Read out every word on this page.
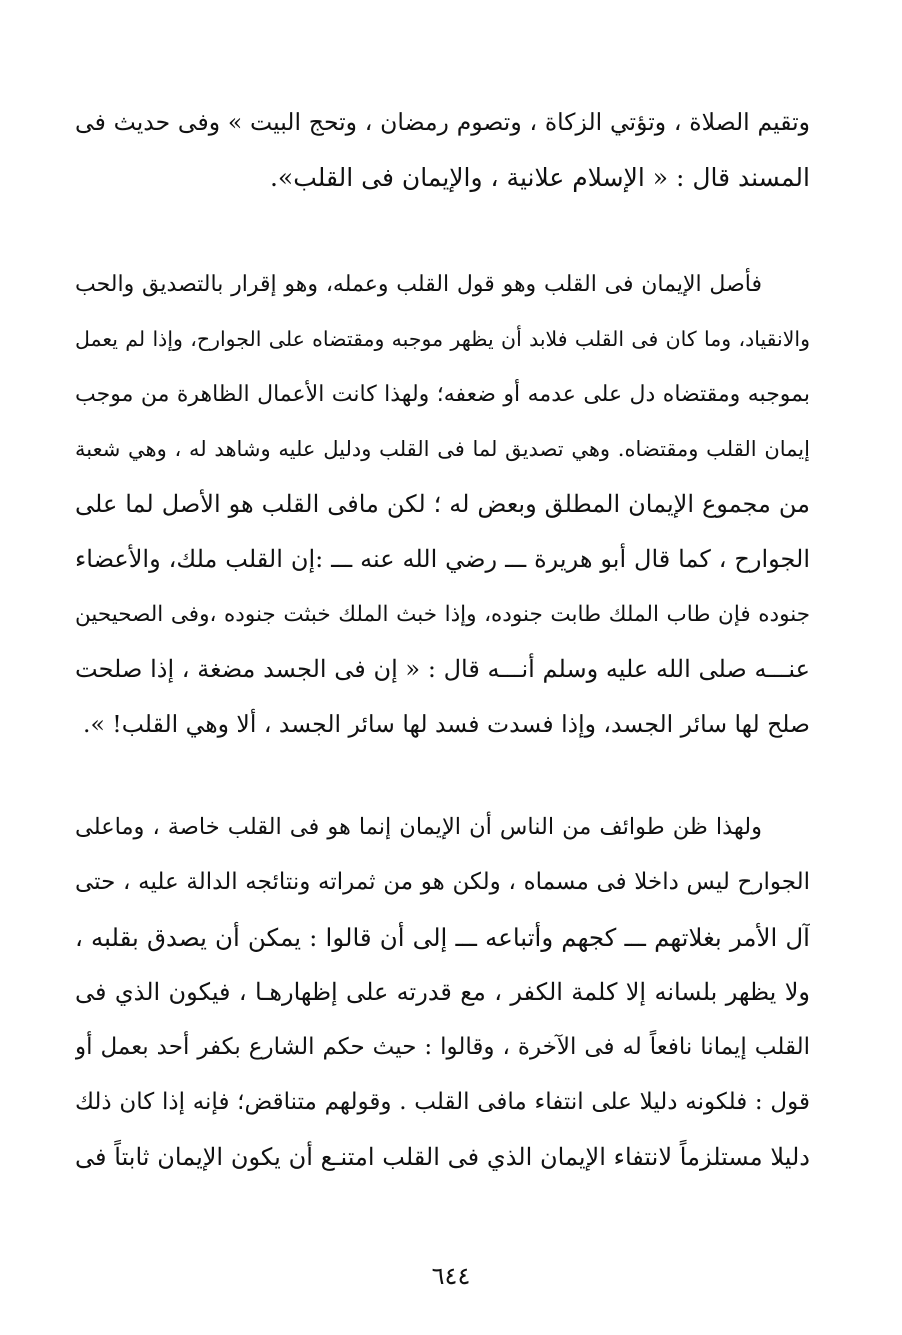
وتقيم الصلاة ، وتؤتي الزكاة ، وتصوم رمضان ، وتحج البيت » وفى حديث فى
المسند قال : « الإسلام علانية ، والإيمان فى القلب».
فأصل الإيمان فى القلب وهو قول القلب وعمله، وهو إقرار بالتصديق والحب
والانقياد، وما كان فى القلب فلابد أن يظهر موجبه ومقتضاه على الجوارح، وإذا لم يعمل
بموجبه ومقتضاه دل على عدمه أو ضعفه؛ ولهذا كانت الأعمال الظاهرة من موجب
إيمان القلب ومقتضاه. وهي تصديق لما فى القلب ودليل عليه وشاهد له ، وهي شعبة
من مجموع الإيمان المطلق وبعض له ؛ لكن مافى القلب هو الأصل لما على
الجوارح ، كما قال أبو هريرة ـــ رضي الله عنه ـــ :إن القلب ملك، والأعضاء
جنوده فإن طاب الملك طابت جنوده، وإذا خبث الملك خبثت جنوده ،وفى الصحيحين
عنـــه صلى الله عليه وسلم أنـــه قال : « إن فى الجسد مضغة ، إذا صلحت
صلح لها سائر الجسد، وإذا فسدت فسد لها سائر الجسد ، ألا وهي القلب! ».
ولهذا ظن طوائف من الناس أن الإيمان إنما هو فى القلب خاصة ، وماعلى
الجوارح ليس داخلا فى مسماه ، ولكن هو من ثمراته ونتائجه الدالة عليه ، حتى
آل الأمر بغلاتهم ـــ كجهم وأتباعه ـــ إلى أن قالوا : يمكن أن يصدق بقلبه ،
ولا يظهر بلسانه إلا كلمة الكفر ، مع قدرته على إظهارهـا ، فيكون الذي فى
القلب إيمانا نافعاً له فى الآخرة ، وقالوا : حيث حكم الشارع بكفر أحد بعمل أو
قول : فلكونه دليلا على انتفاء مافى القلب . وقولهم متناقض؛ فإنه إذا كان ذلك
دليلا مستلزماً لانتفاء الإيمان الذي فى القلب امتنـع أن يكون الإيمان ثابتاً فى
٦٤٤
